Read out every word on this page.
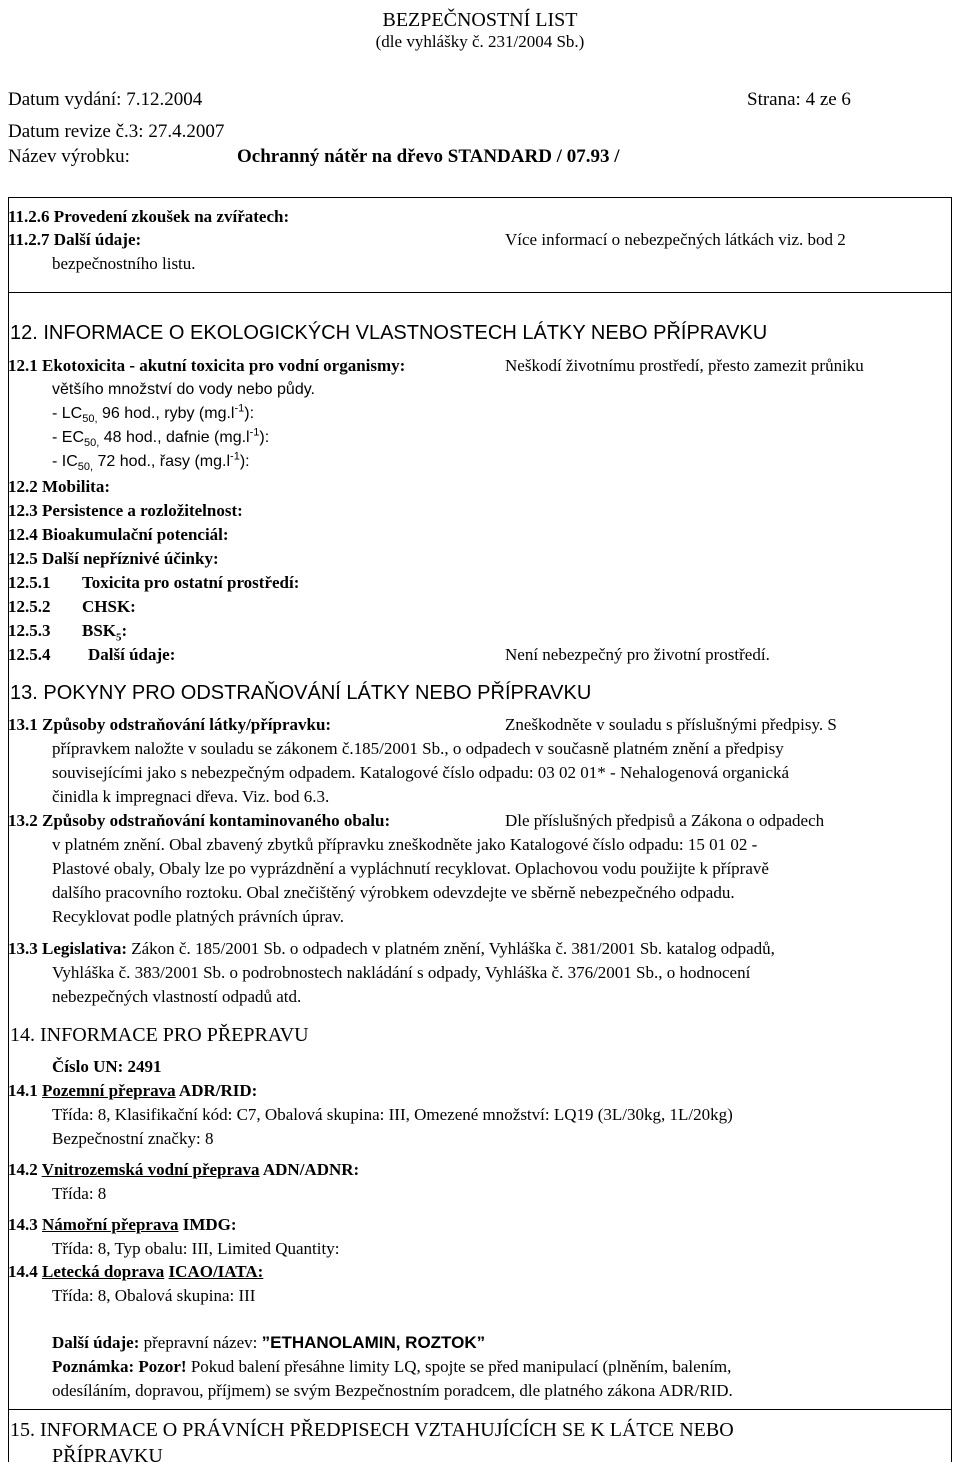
BEZPEČNOSTNÍ LIST
(dle vyhlášky č. 231/2004 Sb.)
Datum vydání: 7.12.2004	Strana: 4 ze 6
Datum revize č.3: 27.4.2007
Název výrobku:	Ochranný nátěr na dřevo STANDARD / 07.93 /
11.2.6 Provedení zkoušek na zvířatech:
11.2.7 Další údaje:	Více informací o nebezpečných látkách viz. bod 2
bezpečnostního listu.
12. INFORMACE O EKOLOGICKÝCH VLASTNOSTECH LÁTKY NEBO PŘÍPRAVKU
12.1 Ekotoxicita - akutní toxicita pro vodní organismy:	Neškodí životnímu prostředí, přesto zamezit průniku
většího množství do vody nebo půdy.
- $LC_{50,}$ 96 hod., ryby $(mg.l^{-1})$:
- $EC_{50,}$ 48 hod., dafnie $(mg.l^{-1})$:
- $IC_{50,}$ 72 hod., řasy $(mg.l^{-1})$:
12.2 Mobilita:
12.3 Persistence a rozložitelnost:
12.4 Bioakumulační potenciál:
12.5 Další nepříznivé účinky:
12.5.1 Toxicita pro ostatní prostředí:
12.5.2 CHSK:
12.5.3 $BSK_5$:
12.5.4 Další údaje:	Není nebezpečný pro životní prostředí.
13. POKYNY PRO ODSTRAŇOVÁNÍ LÁTKY NEBO PŘÍPRAVKU
13.1 Způsoby odstraňování látky/přípravku:	Zneškodněte v souladu s příslušnými předpisy. S
přípravkem naložte v souladu se zákonem č.185/2001 Sb., o odpadech v současně platném znění a předpisy
souvisejícími jako s nebezpečným odpadem. Katalogové číslo odpadu: 03 02 01* - Nehalogenová organická
činidla k impregnaci dřeva. Viz. bod 6.3.
13.2 Způsoby odstraňování kontaminovaného obalu:	Dle příslušných předpisů a Zákona o odpadech
v platném znění. Obal zbavený zbytků přípravku zneškodněte jako Katalogové číslo odpadu: 15 01 02 -
Plastové obaly, Obaly lze po vyprázdnění a vypláchnutí recyklovat. Oplachovou vodu použijte k přípravě
dalšího pracovního roztoku. Obal znečištěný výrobkem odevzdejte ve sběrně nebezpečného odpadu.
Recyklovat podle platných právních úprav.
13.3 Legislativa: Zákon č. 185/2001 Sb. o odpadech v platném znění, Vyhláška č. 381/2001 Sb. katalog odpadů,
Vyhláška č. 383/2001 Sb. o podrobnostech nakládání s odpady, Vyhláška č. 376/2001 Sb., o hodnocení
nebezpečných vlastností odpadů atd.
14. INFORMACE PRO PŘEPRAVU
Číslo UN: 2491
14.1 Pozemní přeprava ADR/RID:
Třída: 8, Klasifikační kód: C7, Obalová skupina: III, Omezené množství: LQ19 (3L/30kg, 1L/20kg)
Bezpečnostní značky: 8
14.2 Vnitrozemská vodní přeprava ADN/ADNR:
Třída: 8
14.3 Námořní přeprava IMDG:
Třída: 8, Typ obalu: III, Limited Quantity:
14.4 Letecká doprava ICAO/IATA:
Třída: 8, Obalová skupina: III
Další údaje: přepravní název: ”ETHANOLAMIN, ROZTOK”
Poznámka: Pozor! Pokud balení přesáhne limity LQ, spojte se před manipulací (plněním, balením,
odesíláním, dopravou, příjmem) se svým Bezpečnostním poradcem, dle platného zákona ADR/RID.
15. INFORMACE O PRÁVNÍCH PŘEDPISECH VZTAHUJÍCÍCH SE K LÁTCE NEBO
PŘÍPRAVKU
